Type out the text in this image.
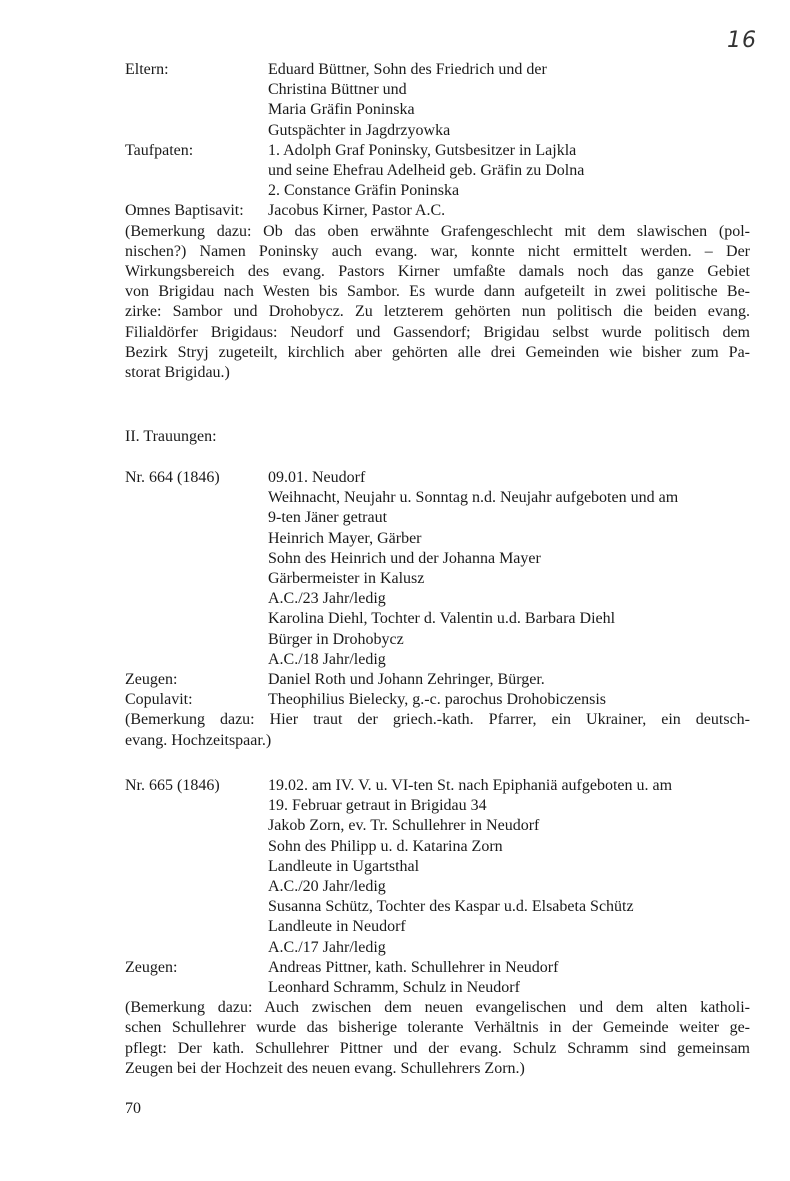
16
Eltern:	Eduard Büttner, Sohn des Friedrich und der
Christina Büttner und
Maria Gräfin Poninska
Gutspächter in Jagdrzyowka
Taufpaten:	1. Adolph Graf Poninsky, Gutsbesitzer in Lajkla
und seine Ehefrau Adelheid geb. Gräfin zu Dolna
2. Constance Gräfin Poninska
Omnes Baptisavit:	Jacobus Kirner, Pastor A.C.
(Bemerkung dazu: Ob das oben erwähnte Grafengeschlecht mit dem slawischen (pol-
nischen?) Namen Poninsky auch evang. war, konnte nicht ermittelt werden. – Der
Wirkungsbereich des evang. Pastors Kirner umfaßte damals noch das ganze Gebiet
von Brigidau nach Westen bis Sambor. Es wurde dann aufgeteilt in zwei politische Be-
zirke: Sambor und Drohobycz. Zu letzterem gehörten nun politisch die beiden evang.
Filialdörfer Brigidaus: Neudorf und Gassendorf; Brigidau selbst wurde politisch dem
Bezirk Stryj zugeteilt, kirchlich aber gehörten alle drei Gemeinden wie bisher zum Pa-
storat Brigidau.)
II. Trauungen:
Nr. 664 (1846)	09.01. Neudorf
Weihnacht, Neujahr u. Sonntag n.d. Neujahr aufgeboten und am
9-ten Jäner getraut
Heinrich Mayer, Gärber
Sohn des Heinrich und der Johanna Mayer
Gärbermeister in Kalusz
A.C./23 Jahr/ledig
Karolina Diehl, Tochter d. Valentin u.d. Barbara Diehl
Bürger in Drohobycz
A.C./18 Jahr/ledig
Zeugen:	Daniel Roth und Johann Zehringer, Bürger.
Copulavit:	Theophilius Bielecky, g.-c. parochus Drohobiczensis
(Bemerkung dazu: Hier traut der griech.-kath. Pfarrer, ein Ukrainer, ein deutsch-
evang. Hochzeitspaar.)
Nr. 665 (1846)	19.02. am IV. V. u. VI-ten St. nach Epiphaniä aufgeboten u. am
19. Februar getraut in Brigidau 34
Jakob Zorn, ev. Tr. Schullehrer in Neudorf
Sohn des Philipp u. d. Katarina Zorn
Landleute in Ugartsthal
A.C./20 Jahr/ledig
Susanna Schütz, Tochter des Kaspar u.d. Elsabeta Schütz
Landleute in Neudorf
A.C./17 Jahr/ledig
Zeugen:	Andreas Pittner, kath. Schullehrer in Neudorf
Leonhard Schramm, Schulz in Neudorf
(Bemerkung dazu: Auch zwischen dem neuen evangelischen und dem alten katholi-
schen Schullehrer wurde das bisherige tolerante Verhältnis in der Gemeinde weiter ge-
pflegt: Der kath. Schullehrer Pittner und der evang. Schulz Schramm sind gemeinsam
Zeugen bei der Hochzeit des neuen evang. Schullehrers Zorn.)
70
